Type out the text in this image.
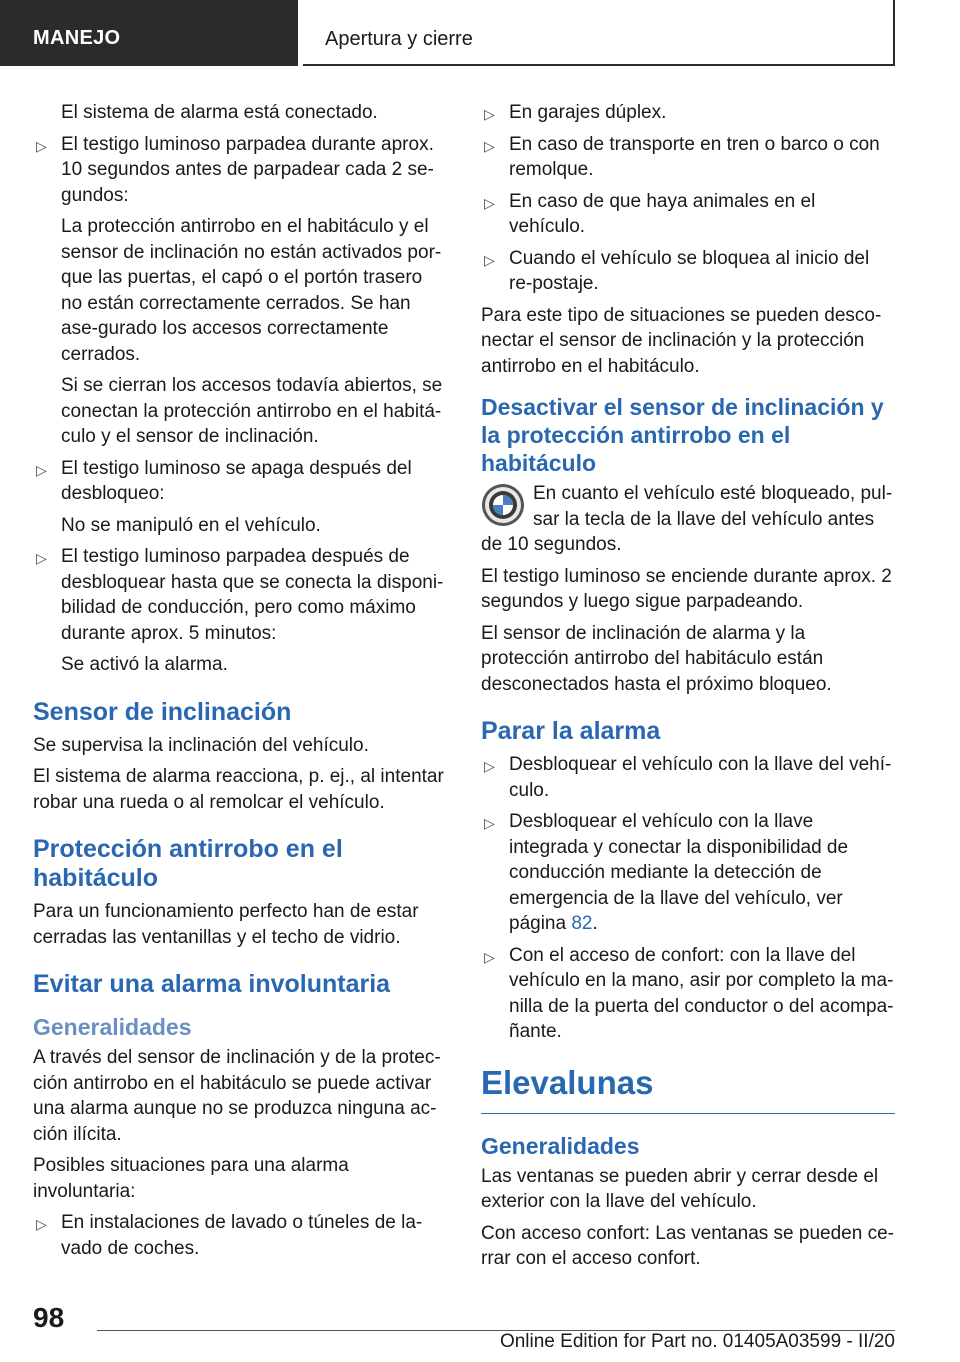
MANEJO	Apertura y cierre

El sistema de alarma está conectado.

▷ El testigo luminoso parpadea durante aprox. 10 segundos antes de parpadear cada 2 se-gundos:

La protección antirrobo en el habitáculo y el sensor de inclinación no están activados por-que las puertas, el capó o el portón trasero no están correctamente cerrados. Se han ase-gurado los accesos correctamente cerrados.

Si se cierran los accesos todavía abiertos, se conectan la protección antirrobo en el habitá-culo y el sensor de inclinación.

▷ El testigo luminoso se apaga después del desbloqueo:

No se manipuló en el vehículo.

▷ El testigo luminoso parpadea después de desbloquear hasta que se conecta la disponi-bilidad de conducción, pero como máximo durante aprox. 5 minutos:

Se activó la alarma.

Sensor de inclinación

Se supervisa la inclinación del vehículo.

El sistema de alarma reacciona, p. ej., al intentar robar una rueda o al remolcar el vehículo.

Protección antirrobo en el habitáculo

Para un funcionamiento perfecto han de estar cerradas las ventanillas y el techo de vidrio.

Evitar una alarma involuntaria
Generalidades

A través del sensor de inclinación y de la protec-ción antirrobo en el habitáculo se puede activar una alarma aunque no se produzca ninguna ac-ción ilícita.

Posibles situaciones para una alarma involuntaria:

▷ En instalaciones de lavado o túneles de la-vado de coches.
▷ En garajes dúplex.
▷ En caso de transporte en tren o barco o con remolque.
▷ En caso de que haya animales en el vehículo.
▷ Cuando el vehículo se bloquea al inicio del re-postaje.

Para este tipo de situaciones se pueden desco-nectar el sensor de inclinación y la protección antirrobo en el habitáculo.

Desactivar el sensor de inclinación y la protección antirrobo en el habitáculo

En cuanto el vehículo esté bloqueado, pul-sar la tecla de la llave del vehículo antes de 10 segundos.

El testigo luminoso se enciende durante aprox. 2 segundos y luego sigue parpadeando.

El sensor de inclinación de alarma y la protección antirrobo del habitáculo están desconectados hasta el próximo bloqueo.

Parar la alarma
▷ Desbloquear el vehículo con la llave del vehí-culo.
▷ Desbloquear el vehículo con la llave integrada y conectar la disponibilidad de conducción mediante la detección de emergencia de la llave del vehículo, ver página 82.
▷ Con el acceso de confort: con la llave del vehículo en la mano, asir por completo la ma-nilla de la puerta del conductor o del acompa-ñante.
Elevalunas
Generalidades

Las ventanas se pueden abrir y cerrar desde el exterior con la llave del vehículo.

Con acceso confort: Las ventanas se pueden ce-rrar con el acceso confort.

98
Online Edition for Part no. 01405A03599 - II/20
